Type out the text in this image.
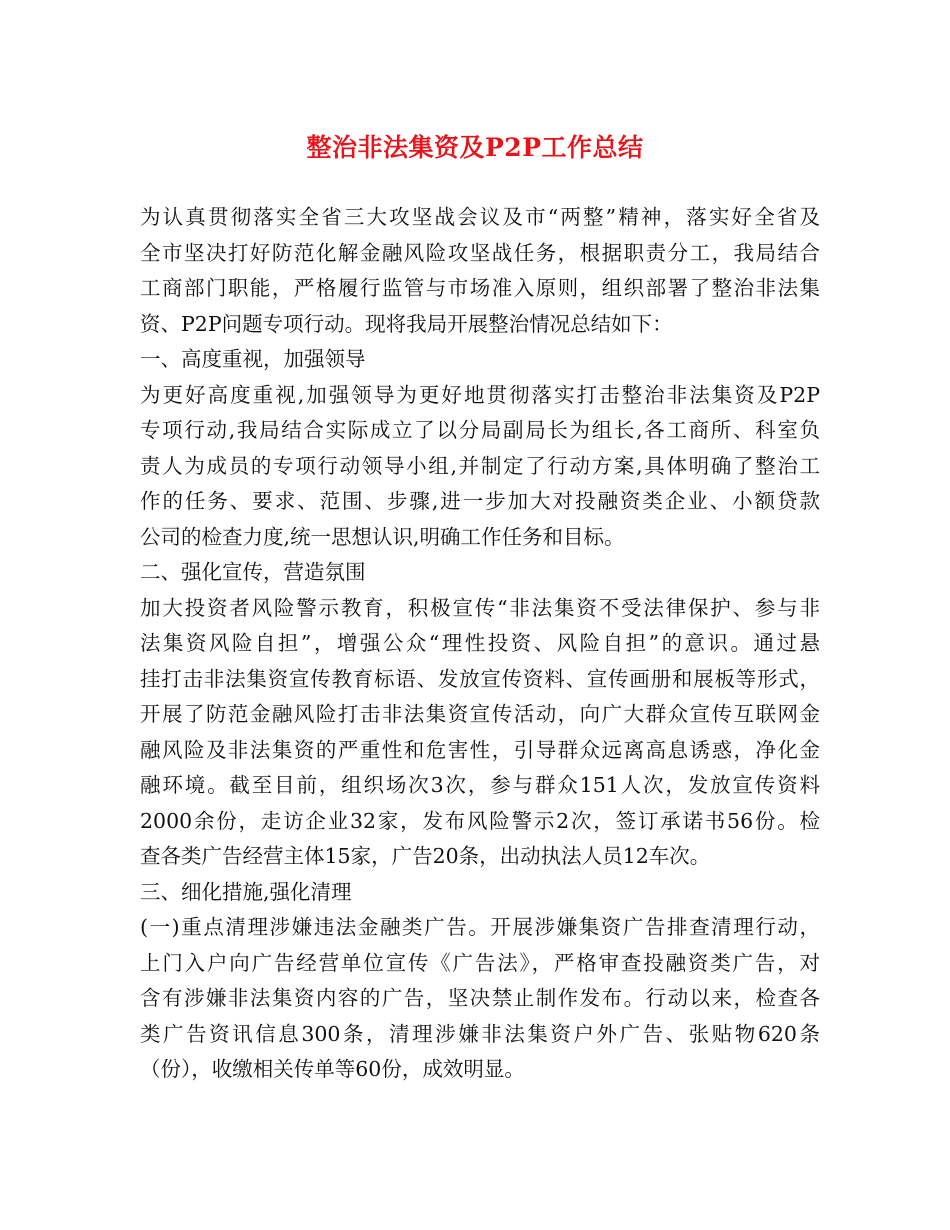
整治非法集资及P2P工作总结
为认真贯彻落实全省三大攻坚战会议及市“两整”精神，落实好全省及
全市坚决打好防范化解金融风险攻坚战任务，根据职责分工，我局结合
工商部门职能，严格履行监管与市场准入原则，组织部署了整治非法集
资、P2P问题专项行动。现将我局开展整治情况总结如下：
一、高度重视，加强领导
为更好高度重视,加强领导为更好地贯彻落实打击整治非法集资及P2P
专项行动,我局结合实际成立了以分局副局长为组长,各工商所、科室负
责人为成员的专项行动领导小组,并制定了行动方案,具体明确了整治工
作的任务、要求、范围、步骤,进一步加大对投融资类企业、小额贷款
公司的检查力度,统一思想认识,明确工作任务和目标。
二、强化宣传，营造氛围
加大投资者风险警示教育，积极宣传“非法集资不受法律保护、参与非
法集资风险自担”，增强公众“理性投资、风险自担”的意识。通过悬
挂打击非法集资宣传教育标语、发放宣传资料、宣传画册和展板等形式，
开展了防范金融风险打击非法集资宣传活动，向广大群众宣传互联网金
融风险及非法集资的严重性和危害性，引导群众远离高息诱惑，净化金
融环境。截至目前，组织场次3次，参与群众151人次，发放宣传资料
2000余份，走访企业32家，发布风险警示2次，签订承诺书56份。检
查各类广告经营主体15家，广告20条，出动执法人员12车次。
三、细化措施,强化清理
(一)重点清理涉嫌违法金融类广告。开展涉嫌集资广告排查清理行动，
上门入户向广告经营单位宣传《广告法》，严格审查投融资类广告，对
含有涉嫌非法集资内容的广告，坚决禁止制作发布。行动以来，检查各
类广告资讯信息300条，清理涉嫌非法集资户外广告、张贴物620条
（份），收缴相关传单等60份，成效明显。
